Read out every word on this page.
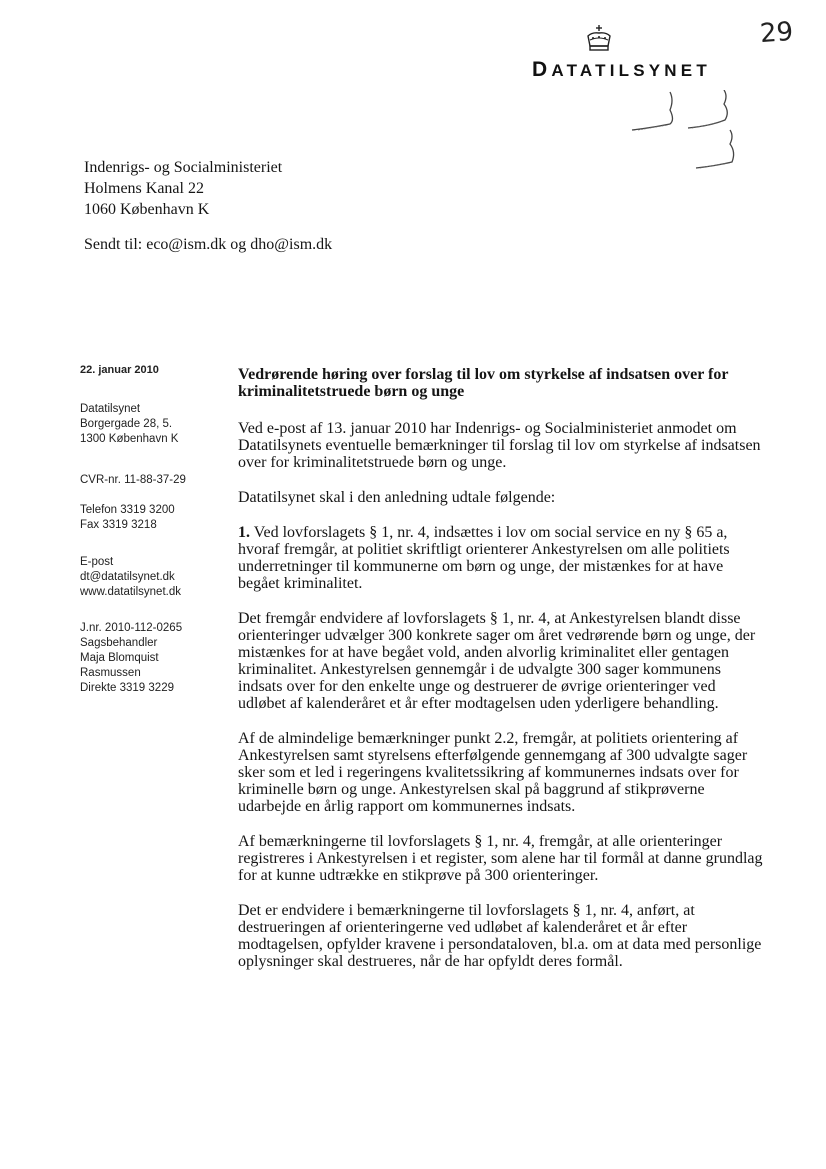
DATATILSYNET
29
Indenrigs- og Socialministeriet
Holmens Kanal 22
1060 København K
Sendt til: eco@ism.dk og dho@ism.dk
22. januar 2010
Datatilsynet
Borgergade 28, 5.
1300 København K
CVR-nr. 11-88-37-29
Telefon 3319 3200
Fax 3319 3218
E-post
dt@datatilsynet.dk
www.datatilsynet.dk
J.nr. 2010-112-0265
Sagsbehandler
Maja Blomquist
Rasmussen
Direkte 3319 3229
Vedrørende høring over forslag til lov om styrkelse af indsatsen over for kriminalitetstruede børn og unge

Ved e-post af 13. januar 2010 har Indenrigs- og Socialministeriet anmodet om Datatilsynets eventuelle bemærkninger til forslag til lov om styrkelse af indsatsen over for kriminalitetstruede børn og unge.

Datatilsynet skal i den anledning udtale følgende:

1. Ved lovforslagets § 1, nr. 4, indsættes i lov om social service en ny § 65 a, hvoraf fremgår, at politiet skriftligt orienterer Ankestyrelsen om alle politiets underretninger til kommunerne om børn og unge, der mistænkes for at have begået kriminalitet.

Det fremgår endvidere af lovforslagets § 1, nr. 4, at Ankestyrelsen blandt disse orienteringer udvælger 300 konkrete sager om året vedrørende børn og unge, der mistænkes for at have begået vold, anden alvorlig kriminalitet eller gentagen kriminalitet. Ankestyrelsen gennemgår i de udvalgte 300 sager kommunens indsats over for den enkelte unge og destruerer de øvrige orienteringer ved udløbet af kalenderåret et år efter modtagelsen uden yderligere behandling.

Af de almindelige bemærkninger punkt 2.2, fremgår, at politiets orientering af Ankestyrelsen samt styrelsens efterfølgende gennemgang af 300 udvalgte sager sker som et led i regeringens kvalitetssikring af kommunernes indsats over for kriminelle børn og unge. Ankestyrelsen skal på baggrund af stikprøverne udarbejde en årlig rapport om kommunernes indsats.

Af bemærkningerne til lovforslagets § 1, nr. 4, fremgår, at alle orienteringer registreres i Ankestyrelsen i et register, som alene har til formål at danne grundlag for at kunne udtrække en stikprøve på 300 orienteringer.

Det er endvidere i bemærkningerne til lovforslagets § 1, nr. 4, anført, at destrueringen af orienteringerne ved udløbet af kalenderåret et år efter modtagelsen, opfylder kravene i persondataloven, bl.a. om at data med personlige oplysninger skal destrueres, når de har opfyldt deres formål.
